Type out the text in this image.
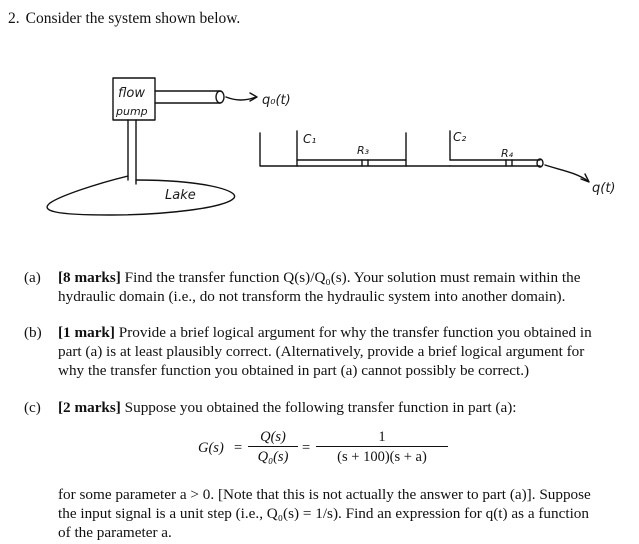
2. Consider the system shown below.
flow
pump
Lake
q₀(t)
C₁	C₂
R₃	R₄
q(t)
(a) [8 marks] Find the transfer function Q(s)/Q₀(s). Your solution must remain within the hydraulic domain (i.e., do not transform the hydraulic system into another domain).
(b) [1 mark] Provide a brief logical argument for why the transfer function you obtained in part (a) is at least plausibly correct. (Alternatively, provide a brief logical argument for why the transfer function you obtained in part (a) cannot possibly be correct.)
(c) [2 marks] Suppose you obtained the following transfer function in part (a):
$G(s) = \frac{Q(s)}{\text{Q₀(s)}} = \frac{1}{(s + 100)(s + a)}$
for some parameter a > 0. [Note that this is not actually the answer to part (a)]. Suppose the input signal is a unit step (i.e., Q₀(s) = 1/s). Find an expression for q(t) as a function of the parameter a.
